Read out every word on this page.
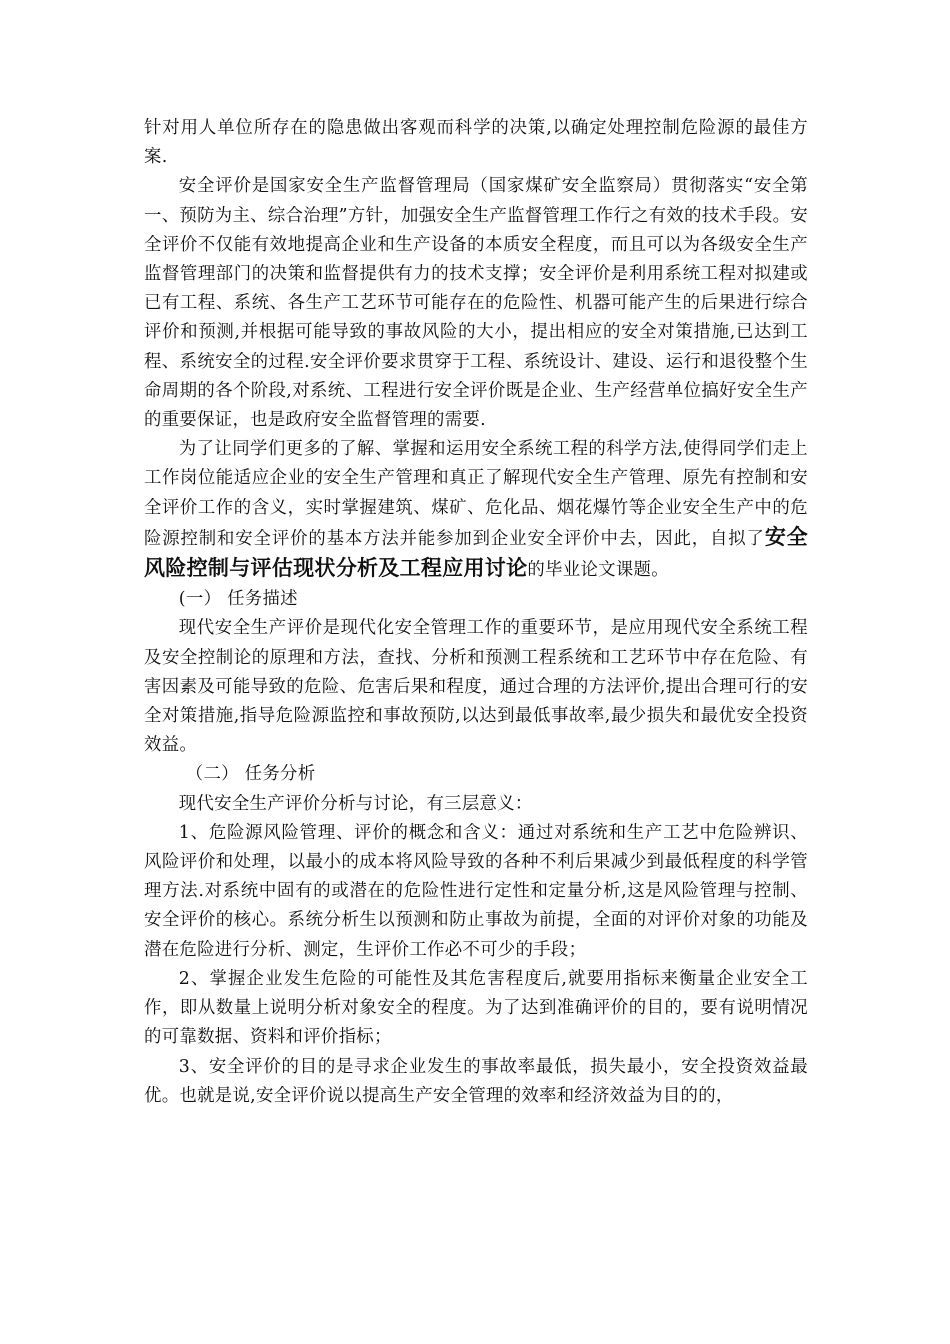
针对用人单位所存在的隐患做出客观而科学的决策,以确定处理控制危险源的最佳方案.

安全评价是国家安全生产监督管理局（国家煤矿安全监察局）贯彻落实“安全第一、预防为主、综合治理”方针，加强安全生产监督管理工作行之有效的技术手段。安全评价不仅能有效地提高企业和生产设备的本质安全程度，而且可以为各级安全生产监督管理部门的决策和监督提供有力的技术支撑；安全评价是利用系统工程对拟建或已有工程、系统、各生产工艺环节可能存在的危险性、机器可能产生的后果进行综合评价和预测,并根据可能导致的事故风险的大小，提出相应的安全对策措施,已达到工程、系统安全的过程.安全评价要求贯穿于工程、系统设计、建设、运行和退役整个生命周期的各个阶段,对系统、工程进行安全评价既是企业、生产经营单位搞好安全生产的重要保证，也是政府安全监督管理的需要.

为了让同学们更多的了解、掌握和运用安全系统工程的科学方法,使得同学们走上工作岗位能适应企业的安全生产管理和真正了解现代安全生产管理、原先有控制和安全评价工作的含义，实时掌握建筑、煤矿、危化品、烟花爆竹等企业安全生产中的危险源控制和安全评价的基本方法并能参加到企业安全评价中去，因此，自拟了安全风险控制与评估现状分析及工程应用讨论的毕业论文课题。

(一） 任务描述

现代安全生产评价是现代化安全管理工作的重要环节，是应用现代安全系统工程及安全控制论的原理和方法，查找、分析和预测工程系统和工艺环节中存在危险、有害因素及可能导致的危险、危害后果和程度，通过合理的方法评价,提出合理可行的安全对策措施,指导危险源监控和事故预防,以达到最低事故率,最少损失和最优安全投资效益。

（二） 任务分析

现代安全生产评价分析与讨论，有三层意义：

1、危险源风险管理、评价的概念和含义：通过对系统和生产工艺中危险辨识、风险评价和处理，以最小的成本将风险导致的各种不利后果减少到最低程度的科学管理方法.对系统中固有的或潜在的危险性进行定性和定量分析,这是风险管理与控制、安全评价的核心。系统分析生以预测和防止事故为前提，全面的对评价对象的功能及潜在危险进行分析、测定，生评价工作必不可少的手段；

2、掌握企业发生危险的可能性及其危害程度后,就要用指标来衡量企业安全工作，即从数量上说明分析对象安全的程度。为了达到准确评价的目的，要有说明情况的可靠数据、资料和评价指标；

3、安全评价的目的是寻求企业发生的事故率最低，损失最小，安全投资效益最优。也就是说,安全评价说以提高生产安全管理的效率和经济效益为目的的，
